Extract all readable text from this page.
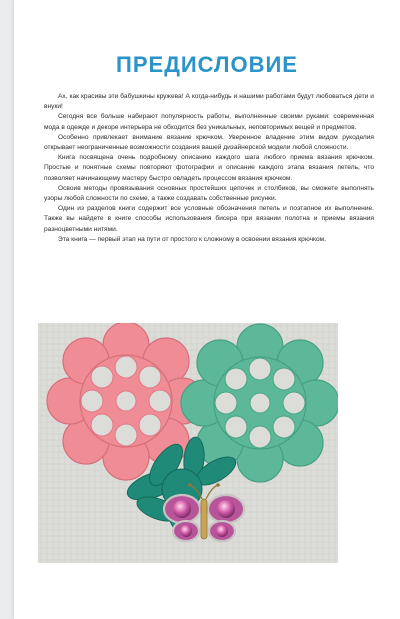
ПРЕДИСЛОВИЕ

Ах, как красивы эти бабушкины кружева! А когда-нибудь и нашими работами будут любоваться дети и внуки!

Сегодня все больше набирают популярность работы, выполненные своими руками: современная мода в одежде и декоре интерьера не обходится без уникальных, неповторимых вещей и предметов.

Особенно привлекает внимание вязание крючком. Уверенное владение этим видом рукоделия открывает неограниченные возможности создания вашей дизайнерской модели любой сложности.

Книга посвящена очень подробному описанию каждого шага любого приема вязания крючком. Простые и понятные схемы повторяют фотографии и описание каждого этапа вязания петель, что позволяет начинающему мастеру быстро овладеть процессом вязания крючком.

Освоив методы провязывания основных простейших цепочек и столбиков, вы сможете выполнять узоры любой сложности по схеме, а также создавать собственные рисунки.

Один из разделов книги содержит все условные обозначения петель и поэтапное их выполнение. Также вы найдете в книге способы использования бисера при вязании полотна и приемы вязания разноцветными нитями.

Эта книга — первый этап на пути от простого к сложному в освоении вязания крючком.
